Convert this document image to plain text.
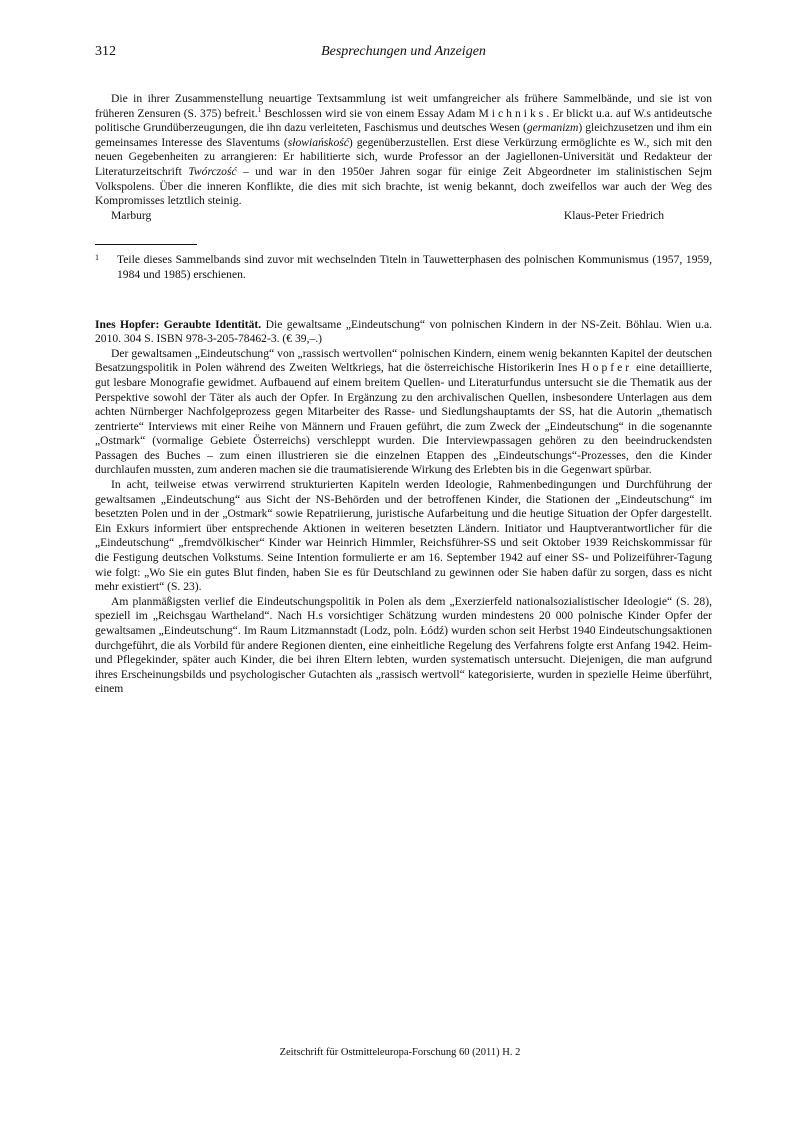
312	Besprechungen und Anzeigen

Die in ihrer Zusammenstellung neuartige Textsammlung ist weit umfangreicher als frühere Sammelbände, und sie ist von früheren Zensuren (S. 375) befreit.$^1$ Beschlossen wird sie von einem Essay Adam Michniks. Er blickt u.a. auf W.s antideutsche politische Grundüberzeugungen, die ihn dazu verleiteten, Faschismus und deutsches Wesen (germanizm) gleichzusetzen und ihm ein gemeinsames Interesse des Slaventums (słowiańskość) gegenüberzustellen. Erst diese Verkürzung ermöglichte es W., sich mit den neuen Gegebenheiten zu arrangieren: Er habilitierte sich, wurde Professor an der Jagiellonen-Universität und Redakteur der Literaturzeitschrift Twórczość – und war in den 1950er Jahren sogar für einige Zeit Abgeordneter im stalinistischen Sejm Volkspolens. Über die inneren Konflikte, die dies mit sich brachte, ist wenig bekannt, doch zweifellos war auch der Weg des Kompromisses letztlich steinig.

Marburg	Klaus-Peter Friedrich
1	Teile dieses Sammelbands sind zuvor mit wechselnden Titeln in Tauwetterphasen des polnischen Kommunismus (1957, 1959, 1984 und 1985) erschienen.

Ines Hopfer: Geraubte Identität. Die gewaltsame „Eindeutschung“ von polnischen Kindern in der NS-Zeit. Böhlau. Wien u.a. 2010. 304 S. ISBN 978-3-205-78462-3. (€ 39,–.)

Der gewaltsamen „Eindeutschung“ von „rassisch wertvollen“ polnischen Kindern, einem wenig bekannten Kapitel der deutschen Besatzungspolitik in Polen während des Zweiten Weltkriegs, hat die österreichische Historikerin Ines Hopfer eine detaillierte, gut lesbare Monografie gewidmet. Aufbauend auf einem breitem Quellen- und Literaturfundus untersucht sie die Thematik aus der Perspektive sowohl der Täter als auch der Opfer. In Ergänzung zu den archivalischen Quellen, insbesondere Unterlagen aus dem achten Nürnberger Nachfolgeprozess gegen Mitarbeiter des Rasse- und Siedlungshauptamts der SS, hat die Autorin „thematisch zentrierte“ Interviews mit einer Reihe von Männern und Frauen geführt, die zum Zweck der „Eindeutschung“ in die sogenannte „Ostmark“ (vormalige Gebiete Österreichs) verschleppt wurden. Die Interviewpassagen gehören zu den beeindruckendsten Passagen des Buches – zum einen illustrieren sie die einzelnen Etappen des „Eindeutschungs“-Prozesses, den die Kinder durchlaufen mussten, zum anderen machen sie die traumatisierende Wirkung des Erlebten bis in die Gegenwart spürbar.

In acht, teilweise etwas verwirrend strukturierten Kapiteln werden Ideologie, Rahmenbedingungen und Durchführung der gewaltsamen „Eindeutschung“ aus Sicht der NS-Behörden und der betroffenen Kinder, die Stationen der „Eindeutschung“ im besetzten Polen und in der „Ostmark“ sowie Repatriierung, juristische Aufarbeitung und die heutige Situation der Opfer dargestellt. Ein Exkurs informiert über entsprechende Aktionen in weiteren besetzten Ländern. Initiator und Hauptverantwortlicher für die „Eindeutschung“ „fremdvölkischer“ Kinder war Heinrich Himmler, Reichsführer-SS und seit Oktober 1939 Reichskommissar für die Festigung deutschen Volkstums. Seine Intention formulierte er am 16. September 1942 auf einer SS- und Polizeiführer-Tagung wie folgt: „Wo Sie ein gutes Blut finden, haben Sie es für Deutschland zu gewinnen oder Sie haben dafür zu sorgen, dass es nicht mehr existiert“ (S. 23).

Am planmäßigsten verlief die Eindeutschungspolitik in Polen als dem „Exerzierfeld nationalsozialistischer Ideologie“ (S. 28), speziell im „Reichsgau Wartheland“. Nach H.s vorsichtiger Schätzung wurden mindestens 20 000 polnische Kinder Opfer der gewaltsamen „Eindeutschung“. Im Raum Litzmannstadt (Lodz, poln. Łódź) wurden schon seit Herbst 1940 Eindeutschungsaktionen durchgeführt, die als Vorbild für andere Regionen dienten, eine einheitliche Regelung des Verfahrens folgte erst Anfang 1942. Heim- und Pflegekinder, später auch Kinder, die bei ihren Eltern lebten, wurden systematisch untersucht. Diejenigen, die man aufgrund ihres Erscheinungsbilds und psychologischer Gutachten als „rassisch wertvoll“ kategorisierte, wurden in spezielle Heime überführt, einem

Zeitschrift für Ostmitteleuropa-Forschung 60 (2011) H. 2
